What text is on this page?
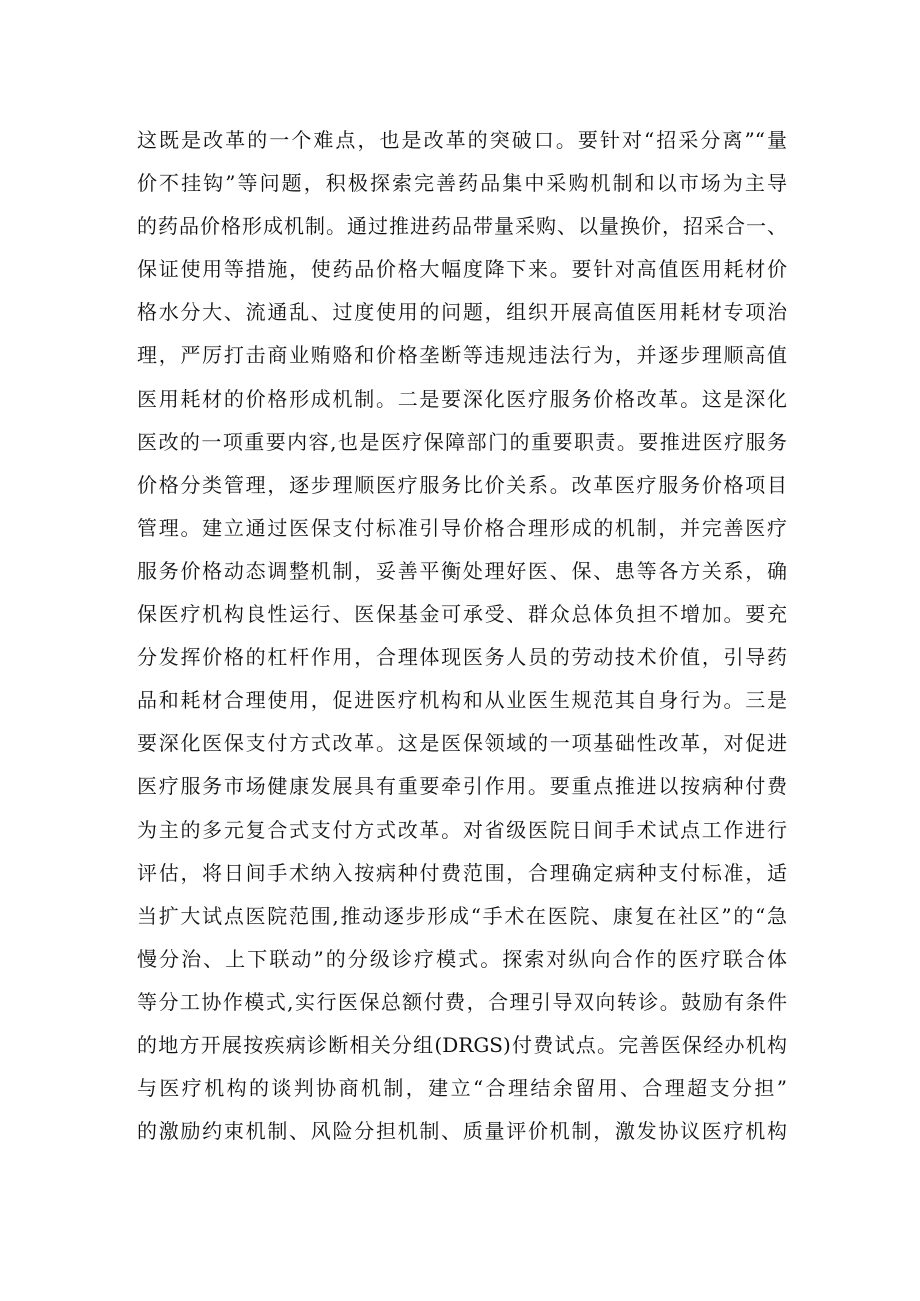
这既是改革的一个难点，也是改革的突破口。要针对“招采分离”“量
价不挂钩”等问题，积极探索完善药品集中采购机制和以市场为主导
的药品价格形成机制。通过推进药品带量采购、以量换价，招采合一、
保证使用等措施，使药品价格大幅度降下来。要针对高值医用耗材价
格水分大、流通乱、过度使用的问题，组织开展高值医用耗材专项治
理，严厉打击商业贿赂和价格垄断等违规违法行为，并逐步理顺高值
医用耗材的价格形成机制。二是要深化医疗服务价格改革。这是深化
医改的一项重要内容,也是医疗保障部门的重要职责。要推进医疗服务
价格分类管理，逐步理顺医疗服务比价关系。改革医疗服务价格项目
管理。建立通过医保支付标准引导价格合理形成的机制，并完善医疗
服务价格动态调整机制，妥善平衡处理好医、保、患等各方关系，确
保医疗机构良性运行、医保基金可承受、群众总体负担不增加。要充
分发挥价格的杠杆作用，合理体现医务人员的劳动技术价值，引导药
品和耗材合理使用，促进医疗机构和从业医生规范其自身行为。三是
要深化医保支付方式改革。这是医保领域的一项基础性改革，对促进
医疗服务市场健康发展具有重要牵引作用。要重点推进以按病种付费
为主的多元复合式支付方式改革。对省级医院日间手术试点工作进行
评估，将日间手术纳入按病种付费范围，合理确定病种支付标准，适
当扩大试点医院范围,推动逐步形成“手术在医院、康复在社区”的“急
慢分治、上下联动”的分级诊疗模式。探索对纵向合作的医疗联合体
等分工协作模式,实行医保总额付费，合理引导双向转诊。鼓励有条件
的地方开展按疾病诊断相关分组(DRGS)付费试点。完善医保经办机构
与医疗机构的谈判协商机制，建立“合理结余留用、合理超支分担”
的激励约束机制、风险分担机制、质量评价机制，激发协议医疗机构
